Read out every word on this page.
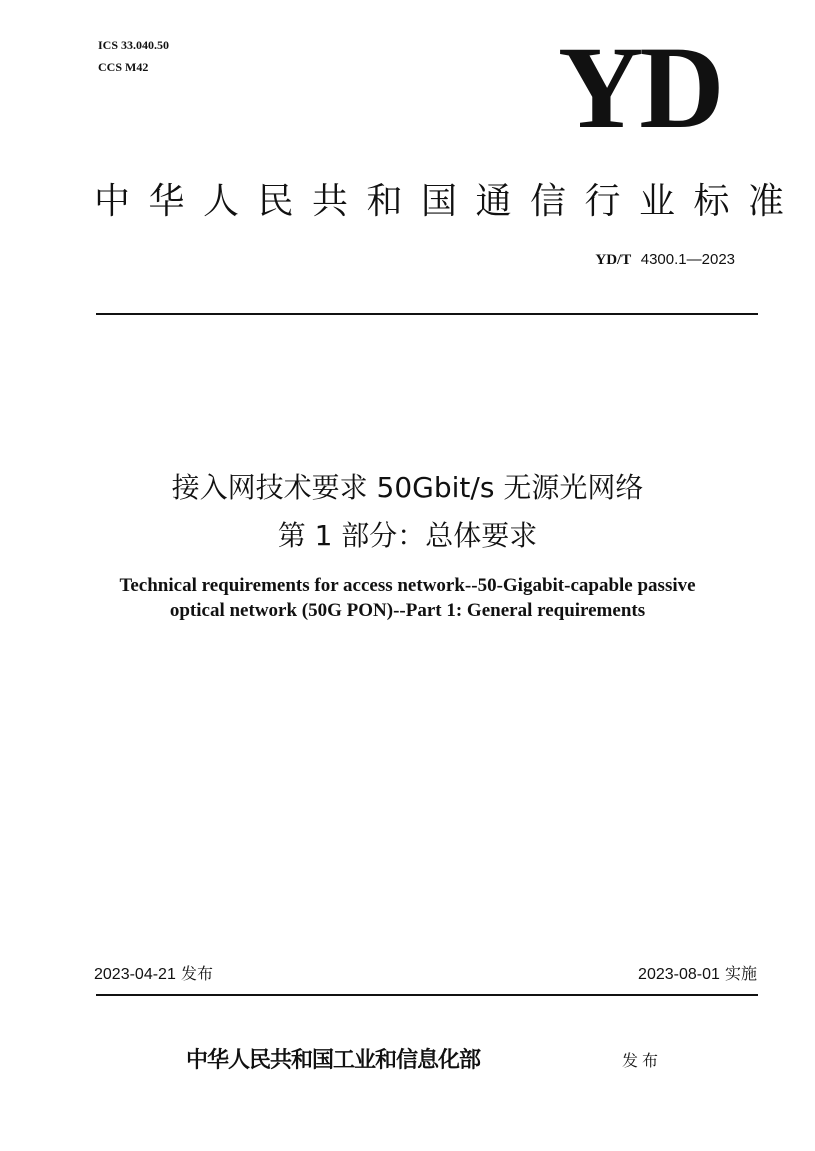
ICS 33.040.50
CCS M42	YD
中华人民共和国通信行业标准
YD/T 4300.1—2023
接入网技术要求 50Gbit/s 无源光网络
第 1 部分：总体要求
Technical requirements for access network--50-Gigabit-capable passive
optical network (50G PON)--Part 1: General requirements
2023-04-21 发布	2023-08-01 实施
中华人民共和国工业和信息化部	发布
